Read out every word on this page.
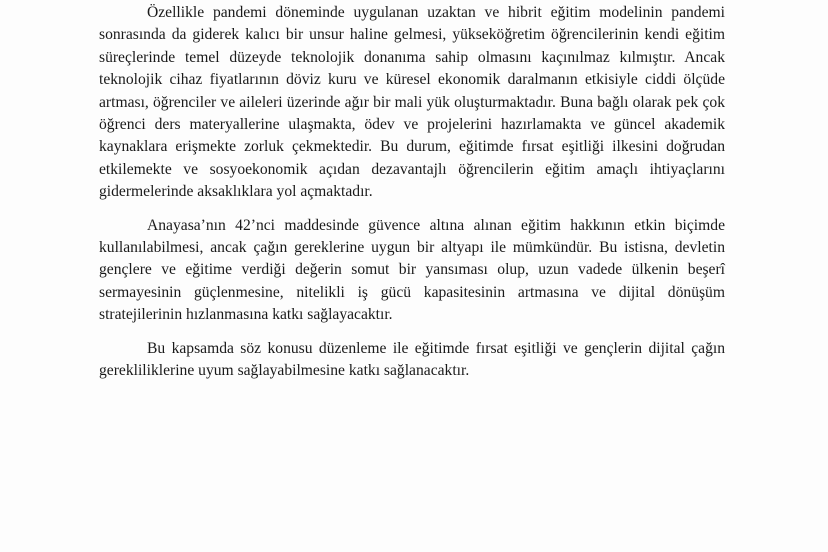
Özellikle pandemi döneminde uygulanan uzaktan ve hibrit eğitim modelinin pandemi sonrasında da giderek kalıcı bir unsur haline gelmesi, yükseköğretim öğrencilerinin kendi eğitim süreçlerinde temel düzeyde teknolojik donanıma sahip olmasını kaçınılmaz kılmıştır. Ancak teknolojik cihaz fiyatlarının döviz kuru ve küresel ekonomik daralmanın etkisiyle ciddi ölçüde artması, öğrenciler ve aileleri üzerinde ağır bir mali yük oluşturmaktadır. Buna bağlı olarak pek çok öğrenci ders materyallerine ulaşmakta, ödev ve projelerini hazırlamakta ve güncel akademik kaynaklara erişmekte zorluk çekmektedir. Bu durum, eğitimde fırsat eşitliği ilkesini doğrudan etkilemekte ve sosyoekonomik açıdan dezavantajlı öğrencilerin eğitim amaçlı ihtiyaçlarını gidermelerinde aksaklıklara yol açmaktadır.

Anayasa’nın 42’nci maddesinde güvence altına alınan eğitim hakkının etkin biçimde kullanılabilmesi, ancak çağın gereklerine uygun bir altyapı ile mümkündür. Bu istisna, devletin gençlere ve eğitime verdiği değerin somut bir yansıması olup, uzun vadede ülkenin beşerî sermayesinin güçlenmesine, nitelikli iş gücü kapasitesinin artmasına ve dijital dönüşüm stratejilerinin hızlanmasına katkı sağlayacaktır.

Bu kapsamda söz konusu düzenleme ile eğitimde fırsat eşitliği ve gençlerin dijital çağın gerekliliklerine uyum sağlayabilmesine katkı sağlanacaktır.
